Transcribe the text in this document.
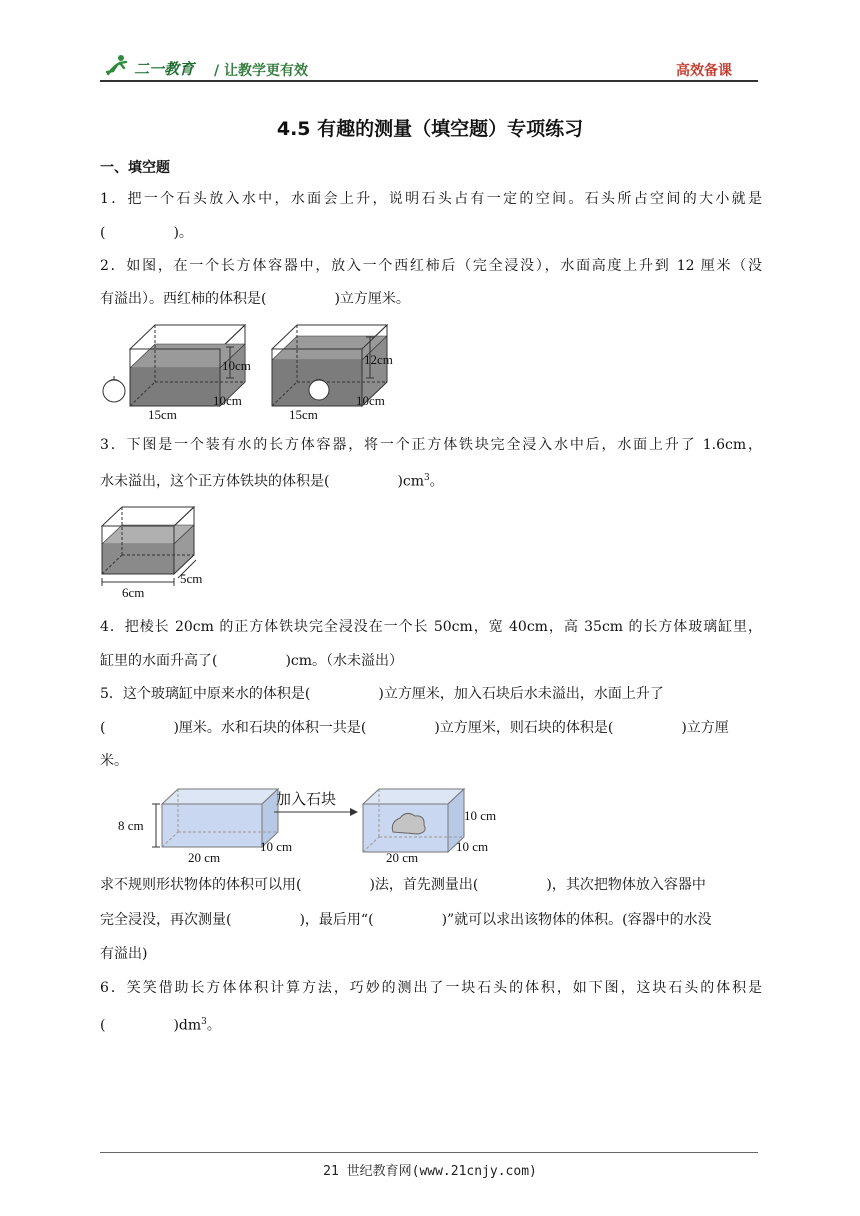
二一教育 / 让教学更有效	高效备课
4.5 有趣的测量（填空题）专项练习
一、填空题
1．把一个石头放入水中，水面会上升，说明石头占有一定的空间。石头所占空间的大小就是
(	)。
2．如图，在一个长方体容器中，放入一个西红柿后（完全浸没），水面高度上升到 12 厘米（没
有溢出）。西红柿的体积是(	)立方厘米。
10cm
15cm
10cm
12cm
15cm
10cm
3．下图是一个装有水的长方体容器，将一个正方体铁块完全浸入水中后，水面上升了 1.6cm，
水未溢出，这个正方体铁块的体积是(	)$cm^3$。
6cm
5cm
4．把棱长 20cm 的正方体铁块完全浸没在一个长 50cm，宽 40cm，高 35cm 的长方体玻璃缸里，
缸里的水面升高了(	)cm。（水未溢出）
5．这个玻璃缸中原来水的体积是(	)立方厘米，加入石块后水未溢出，水面上升了
(	)厘米。水和石块的体积一共是(	)立方厘米，则石块的体积是(	)立方厘
米。
8 cm
20 cm
10 cm
加入石块
10 cm
20 cm
10 cm
求不规则形状物体的体积可以用(	)法，首先测量出(	)，其次把物体放入容器中
完全浸没，再次测量(	)，最后用“(	)”就可以求出该物体的体积。(容器中的水没
有溢出)
6．笑笑借助长方体体积计算方法，巧妙的测出了一块石头的体积，如下图，这块石头的体积是
(	)$dm^3$。
21 世纪教育网(www.21cnjy.com)
